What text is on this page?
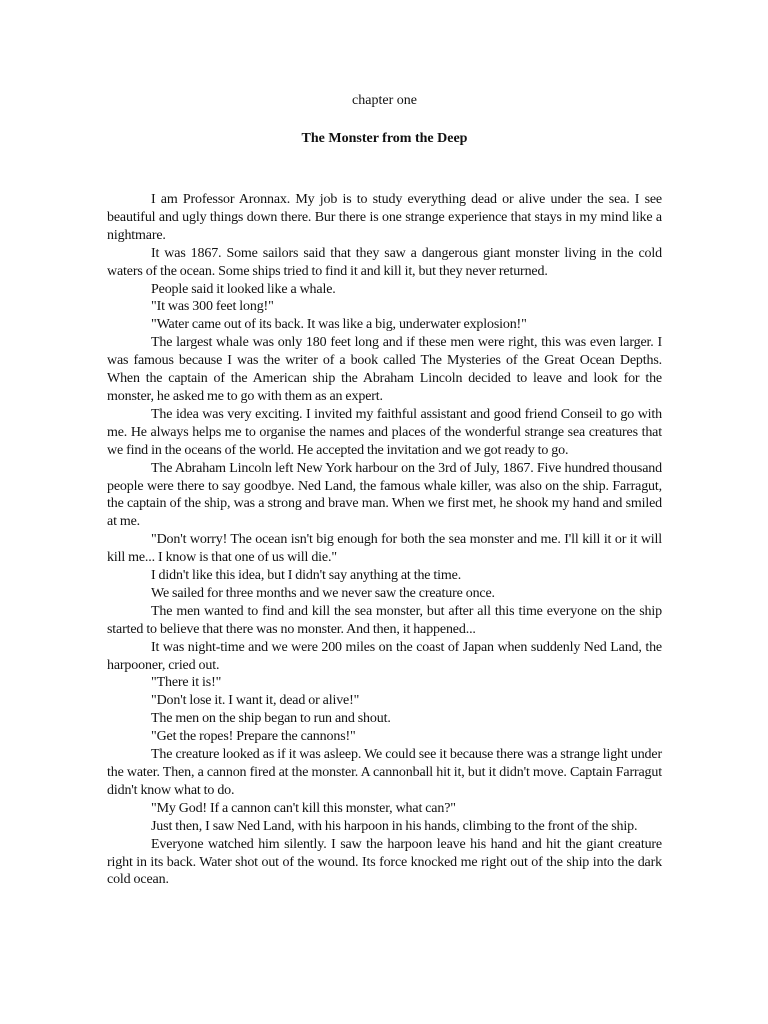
chapter one

The Monster from the Deep

I am Professor Aronnax. My job is to study everything dead or alive under the sea. I see beautiful and ugly things down there. Bur there is one strange experience that stays in my mind like a nightmare.

It was 1867. Some sailors said that they saw a dangerous giant monster living in the cold waters of the ocean. Some ships tried to find it and kill it, but they never returned.

People said it looked like a whale.

"It was 300 feet long!"

"Water came out of its back. It was like a big, underwater explosion!"

The largest whale was only 180 feet long and if these men were right, this was even larger. I was famous because I was the writer of a book called The Mysteries of the Great Ocean Depths. When the captain of the American ship the Abraham Lincoln decided to leave and look for the monster, he asked me to go with them as an expert.

The idea was very exciting. I invited my faithful assistant and good friend Conseil to go with me. He always helps me to organise the names and places of the wonderful strange sea creatures that we find in the oceans of the world. He accepted the invitation and we got ready to go.

The Abraham Lincoln left New York harbour on the 3rd of July, 1867. Five hundred thousand people were there to say goodbye. Ned Land, the famous whale killer, was also on the ship. Farragut, the captain of the ship, was a strong and brave man. When we first met, he shook my hand and smiled at me.

"Don't worry! The ocean isn't big enough for both the sea monster and me. I'll kill it or it will kill me... I know is that one of us will die."

I didn't like this idea, but I didn't say anything at the time.

We sailed for three months and we never saw the creature once.

The men wanted to find and kill the sea monster, but after all this time everyone on the ship started to believe that there was no monster. And then, it happened...

It was night-time and we were 200 miles on the coast of Japan when suddenly Ned Land, the harpooner, cried out.

"There it is!"

"Don't lose it. I want it, dead or alive!"

The men on the ship began to run and shout.

"Get the ropes! Prepare the cannons!"

The creature looked as if it was asleep. We could see it because there was a strange light under the water. Then, a cannon fired at the monster. A cannonball hit it, but it didn't move. Captain Farragut didn't know what to do.

"My God! If a cannon can't kill this monster, what can?"

Just then, I saw Ned Land, with his harpoon in his hands, climbing to the front of the ship.

Everyone watched him silently. I saw the harpoon leave his hand and hit the giant creature right in its back. Water shot out of the wound. Its force knocked me right out of the ship into the dark cold ocean.
